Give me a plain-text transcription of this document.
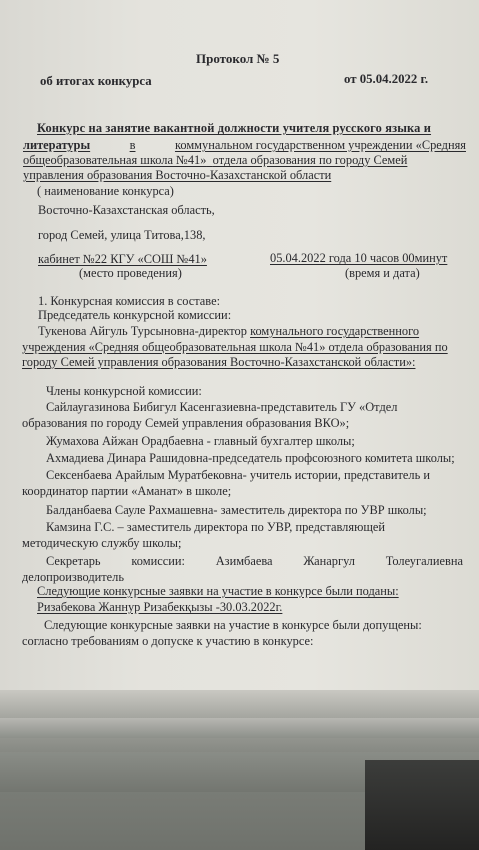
Протокол № 5
об итогах конкурса	от 05.04.2022 г.
Конкурс на занятие вакантной должности учителя русского языка и
литературы	в	коммунальном государственном учреждении «Средняя
общеобразовательная школа №41» отдела образования по городу Семей
управления образования Восточно-Казахстанской области
( наименование конкурса)
Восточно-Казахстанская область,
город Семей, улица Титова,138,
кабинет №22 КГУ «СОШ №41»	05.04.2022 года 10 часов 00минут
(место проведения)	(время и дата)
1. Конкурсная комиссия в составе:
Председатель конкурсной комиссии:
Тукенова Айгуль Турсыновна-директор комунального государственного
учреждения «Средняя общеобразовательная школа №41» отдела образования по
городу Семей управления образования Восточно-Казахстанской области»:
Члены конкурсной комиссии:
Сайлаугазинова Бибигул Касенгазиевна-представитель ГУ «Отдел
образования по городу Семей управления образования ВКО»;
Жумахова Айжан Орадбаевна - главный бухгалтер школы;
Ахмадиева Динара Рашидовна-председатель профсоюзного комитета школы;
Сексенбаева Арайлым Муратбековна- учитель истории, представитель и
координатор партии «Аманат» в школе;
Балданбаева Сауле Рахмашевна- заместитель директора по УВР школы;
Камзина Г.С. – заместитель директора по УВР, представляющей
методическую службу школы;
Секретарь комиссии: Азимбаева Жанаргул Толеугалиевна
делопроизводитель
Следующие конкурсные заявки на участие в конкурсе были поданы:
Ризабекова Жаннур Ризабекқызы -30.03.2022г.
Следующие конкурсные заявки на участие в конкурсе были допущены:
согласно требованиям о допуске к участию в конкурсе:
